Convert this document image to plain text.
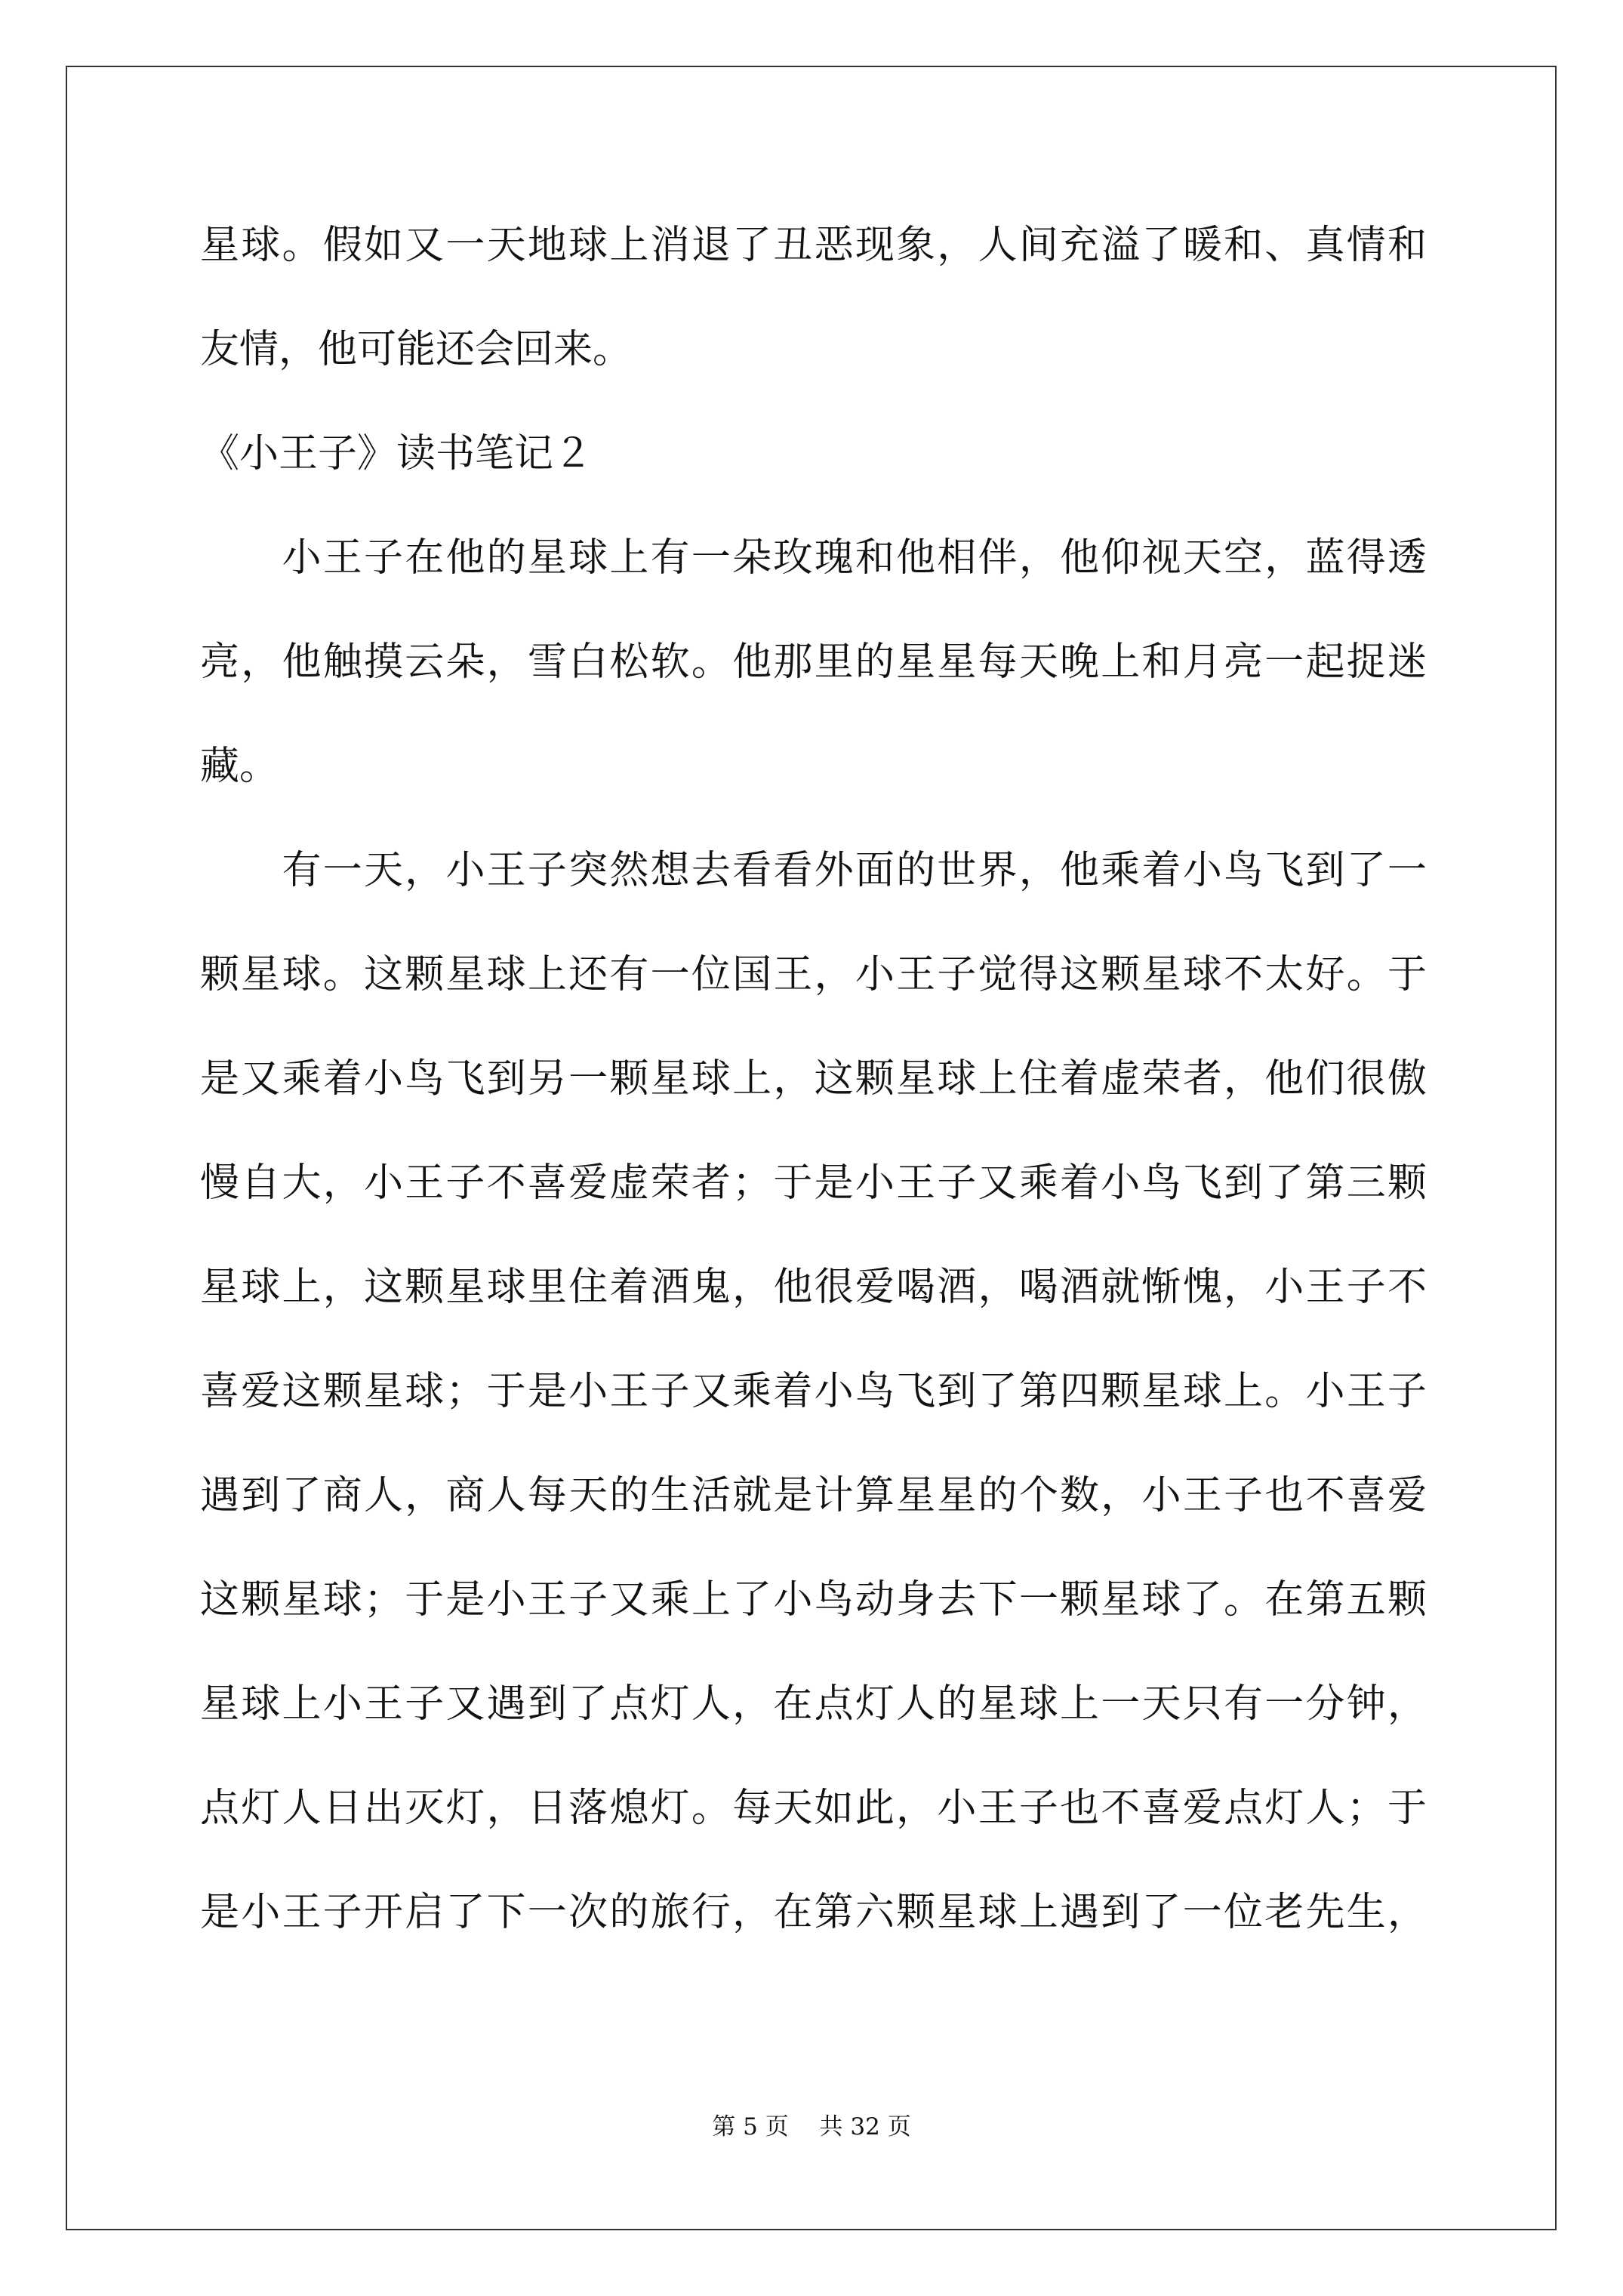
星球。假如又一天地球上消退了丑恶现象，人间充溢了暖和、真情和
友情，他可能还会回来。
《小王子》读书笔记２
　　小王子在他的星球上有一朵玫瑰和他相伴，他仰视天空，蓝得透
亮，他触摸云朵，雪白松软。他那里的星星每天晚上和月亮一起捉迷
藏。
　　有一天，小王子突然想去看看外面的世界，他乘着小鸟飞到了一
颗星球。这颗星球上还有一位国王，小王子觉得这颗星球不太好。于
是又乘着小鸟飞到另一颗星球上，这颗星球上住着虚荣者，他们很傲
慢自大，小王子不喜爱虚荣者；于是小王子又乘着小鸟飞到了第三颗
星球上，这颗星球里住着酒鬼，他很爱喝酒，喝酒就惭愧，小王子不
喜爱这颗星球；于是小王子又乘着小鸟飞到了第四颗星球上。小王子
遇到了商人，商人每天的生活就是计算星星的个数，小王子也不喜爱
这颗星球；于是小王子又乘上了小鸟动身去下一颗星球了。在第五颗
星球上小王子又遇到了点灯人，在点灯人的星球上一天只有一分钟，
点灯人日出灭灯，日落熄灯。每天如此，小王子也不喜爱点灯人；于
是小王子开启了下一次的旅行，在第六颗星球上遇到了一位老先生，
第 5 页　 共 32 页
